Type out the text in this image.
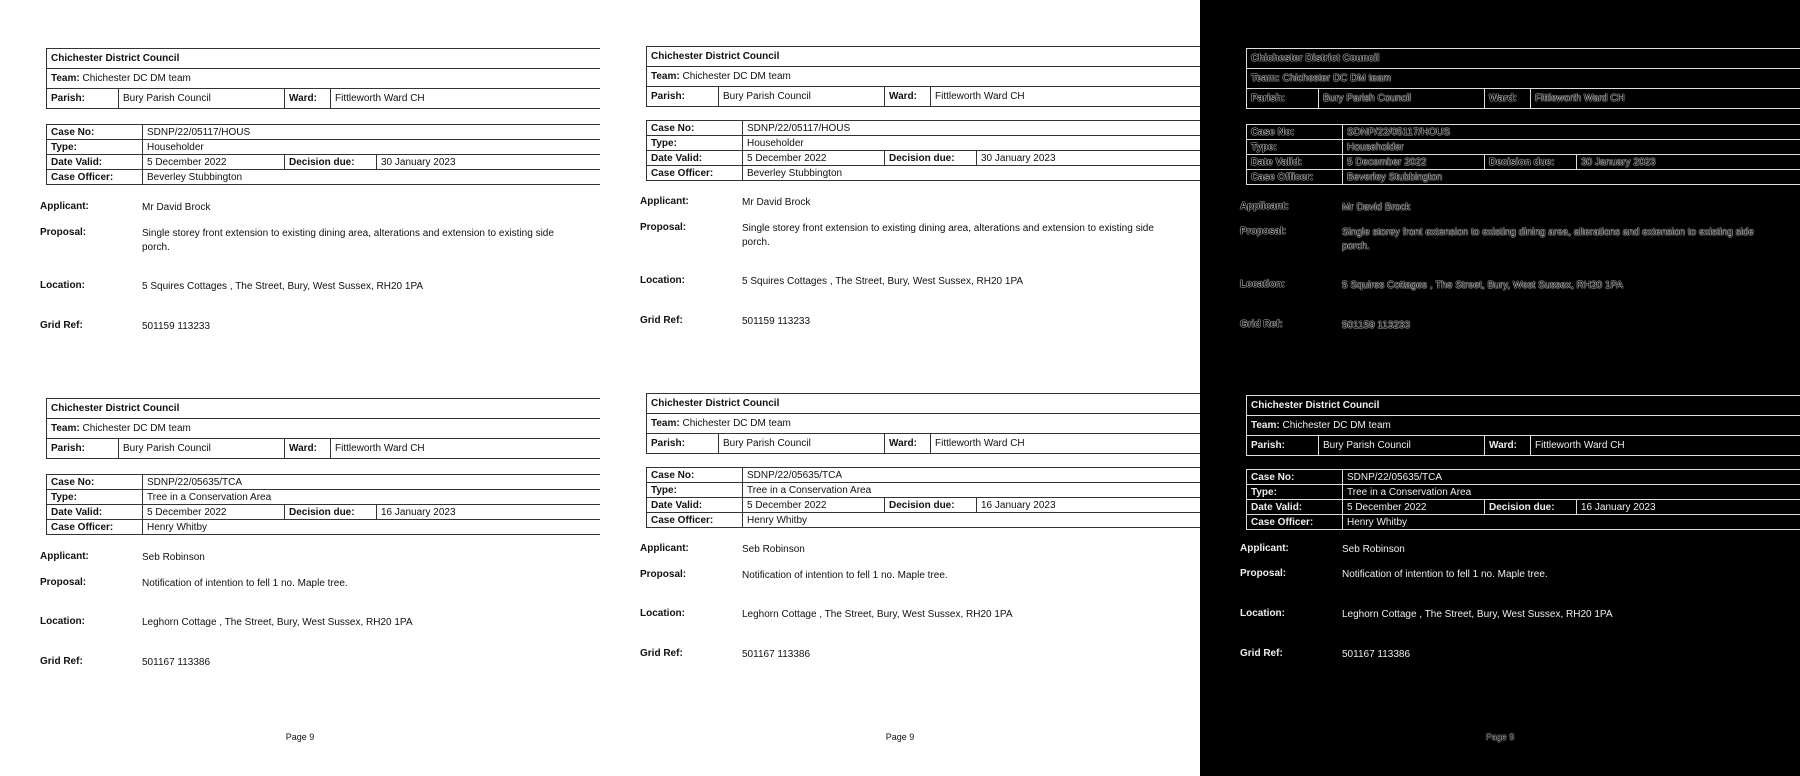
Chichester District Council
Team: Chichester DC DM team
Parish:	Bury Parish Council	Ward:	Fittleworth Ward CH
Case No:	SDNP/22/05117/HOUS		
Type:	Householder		
Date Valid:	5 December 2022	Decision due:	30 January 2023
Case Officer:	Beverley Stubbington		
Applicant:	Mr David Brock
Proposal:	Single storey front extension to existing dining area, alterations and extension to existing side porch.
Location:	5 Squires Cottages , The Street, Bury, West Sussex, RH20 1PA
Grid Ref:	501159 113233
Chichester District Council
Team: Chichester DC DM team
Parish:	Bury Parish Council	Ward:	Fittleworth Ward CH
Case No:	SDNP/22/05635/TCA		
Type:	Tree in a Conservation Area		
Date Valid:	5 December 2022	Decision due:	16 January 2023
Case Officer:	Henry Whitby		
Applicant:	Seb Robinson
Proposal:	Notification of intention to fell 1 no. Maple tree.
Location:	Leghorn Cottage , The Street, Bury, West Sussex, RH20 1PA
Grid Ref:	501167 113386
Page 9
Chichester District Council
Team: Chichester DC DM team
Parish:	Bury Parish Council	Ward:	Fittleworth Ward CH
Case No:	SDNP/22/05117/HOUS		
Type:	Householder		
Date Valid:	5 December 2022	Decision due:	30 January 2023
Case Officer:	Beverley Stubbington		
Applicant:	Mr David Brock
Proposal:	Single storey front extension to existing dining area, alterations and extension to existing side porch.
Location:	5 Squires Cottages , The Street, Bury, West Sussex, RH20 1PA
Grid Ref:	501159 113233
Chichester District Council
Team: Chichester DC DM team
Parish:	Bury Parish Council	Ward:	Fittleworth Ward CH
Case No:	SDNP/22/05635/TCA		
Type:	Tree in a Conservation Area		
Date Valid:	5 December 2022	Decision due:	16 January 2023
Case Officer:	Henry Whitby		
Applicant:	Seb Robinson
Proposal:	Notification of intention to fell 1 no. Maple tree.
Location:	Leghorn Cottage , The Street, Bury, West Sussex, RH20 1PA
Grid Ref:	501167 113386
Page 9
Chichester District Council
Team: Chichester DC DM team
Parish:	Bury Parish Council	Ward:	Fittleworth Ward CH
Case No:	SDNP/22/05117/HOUS		
Type:	Householder		
Date Valid:	5 December 2022	Decision due:	30 January 2023
Case Officer:	Beverley Stubbington		
Applicant:	Mr David Brock
Proposal:	Single storey front extension to existing dining area, alterations and extension to existing side porch.
Location:	5 Squires Cottages , The Street, Bury, West Sussex, RH20 1PA
Grid Ref:	501159 113233
Chichester District Council
Team: Chichester DC DM team
Parish:	Bury Parish Council	Ward:	Fittleworth Ward CH
Case No:	SDNP/22/05635/TCA		
Type:	Tree in a Conservation Area		
Date Valid:	5 December 2022	Decision due:	16 January 2023
Case Officer:	Henry Whitby		
Applicant:	Seb Robinson
Proposal:	Notification of intention to fell 1 no. Maple tree.
Location:	Leghorn Cottage , The Street, Bury, West Sussex, RH20 1PA
Grid Ref:	501167 113386
Page 9
